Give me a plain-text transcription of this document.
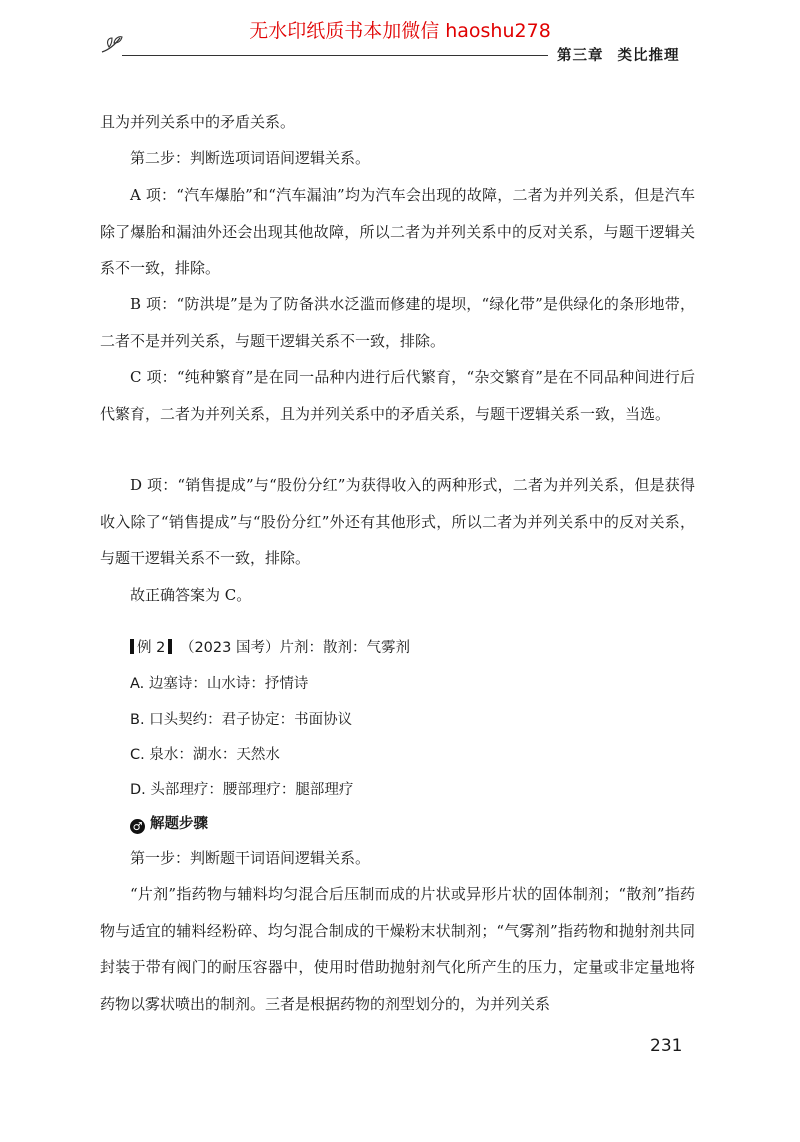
无水印纸质书本加微信 haoshu278
第三章 类比推理
且为并列关系中的矛盾关系。
第二步：判断选项词语间逻辑关系。
A 项：“汽车爆胎”和“汽车漏油”均为汽车会出现的故障，二者为并列关系，但是汽车除了爆胎和漏油外还会出现其他故障，所以二者为并列关系中的反对关系，与题干逻辑关系不一致，排除。
B 项：“防洪堤”是为了防备洪水泛滥而修建的堤坝，“绿化带”是供绿化的条形地带，二者不是并列关系，与题干逻辑关系不一致，排除。
C 项：“纯种繁育”是在同一品种内进行后代繁育，“杂交繁育”是在不同品种间进行后代繁育，二者为并列关系，且为并列关系中的矛盾关系，与题干逻辑关系一致，当选。
D 项：“销售提成”与“股份分红”为获得收入的两种形式，二者为并列关系，但是获得收入除了“销售提成”与“股份分红”外还有其他形式，所以二者为并列关系中的反对关系，与题干逻辑关系不一致，排除。
故正确答案为 C。
例 2 （2023 国考）片剂：散剂：气雾剂
A. 边塞诗：山水诗：抒情诗
B. 口头契约：君子协定：书面协议
C. 泉水：湖水：天然水
D. 头部理疗：腰部理疗：腿部理疗
♂ 解题步骤
第一步：判断题干词语间逻辑关系。
“片剂”指药物与辅料均匀混合后压制而成的片状或异形片状的固体制剂；“散剂”指药物与适宜的辅料经粉碎、均匀混合制成的干燥粉末状制剂；“气雾剂”指药物和抛射剂共同封装于带有阀门的耐压容器中，使用时借助抛射剂气化所产生的压力，定量或非定量地将药物以雾状喷出的制剂。三者是根据药物的剂型划分的，为并列关系
231
